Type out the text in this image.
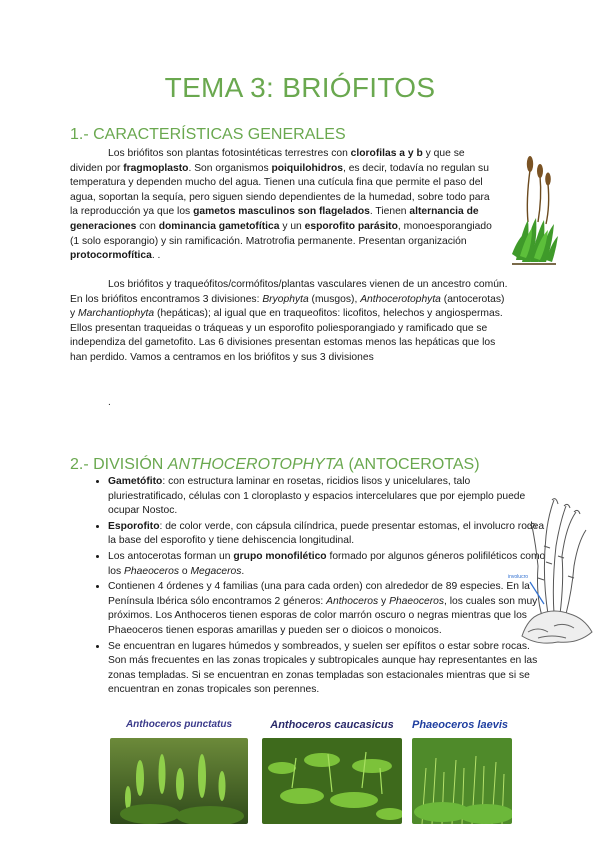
TEMA 3: BRIÓFITOS
1.- CARACTERÍSTICAS GENERALES

Los briófitos son plantas fotosintéticas terrestres con clorofilas a y b y que se dividen por fragmoplasto. Son organismos poiquilohidros, es decir, todavía no regulan su temperatura y dependen mucho del agua. Tienen una cutícula fina que permite el paso del agua, soportan la sequía, pero siguen siendo dependientes de la humedad, sobre todo para la reproducción ya que los gametos masculinos son flagelados. Tienen alternancia de generaciones con dominancia gametofítica y un esporofito parásito, monoesporangiado (1 solo esporangio) y sin ramificación. Matrotrofia permanente. Presentan organización protocormofítica. .

Los briófitos y traqueófitos/cormófitos/plantas vasculares vienen de un ancestro común. En los briófitos encontramos 3 divisiones: Bryophyta (musgos), Anthocerotophyta (antocerotas) y Marchantiophyta (hepáticas); al igual que en traqueofitos: licofitos, helechos y angiospermas. Ellos presentan traqueidas o tráqueas y un esporofito poliesporangiado y ramificado que se independiza del gametofito. Las 6 divisiones presentan estomas menos las hepáticas que los han perdido. Vamos a centramos en los briófitos y sus 3 divisiones

.
2.- DIVISIÓN ANTHOCEROTOPHYTA (ANTOCEROTAS)
• Gametófito: con estructura laminar en rosetas, ricidios lisos y unicelulares, talo pluriestratificado, células con 1 cloroplasto y espacios intercelulares que por ejemplo puede ocupar Nostoc.
• Esporofito: de color verde, con cápsula cilíndrica, puede presentar estomas, el involucro rodea la base del esporofito y tiene dehiscencia longitudinal.
• Los antocerotas forman un grupo monofilético formado por algunos géneros polifiléticos como los Phaeoceros o Megaceros.
• Contienen 4 órdenes y 4 familias (una para cada orden) con alrededor de 89 especies. En la Península Ibérica sólo encontramos 2 géneros: Anthoceros y Phaeoceros, los cuales son muy próximos. Los Anthoceros tienen esporas de color marrón oscuro o negras mientras que los Phaeoceros tienen esporas amarillas y pueden ser o dioicos o monoicos.
• Se encuentran en lugares húmedos y sombreados, y suelen ser epífitos o estar sobre rocas. Son más frecuentes en las zonas tropicales y subtropicales aunque hay representantes en las zonas templadas. Si se encuentran en zonas templadas son estacionales mientras que si se encuentran en zonas tropicales son perennes.
involucro
Anthoceros punctatus	Anthoceros caucasicus	Phaeoceros laevis
